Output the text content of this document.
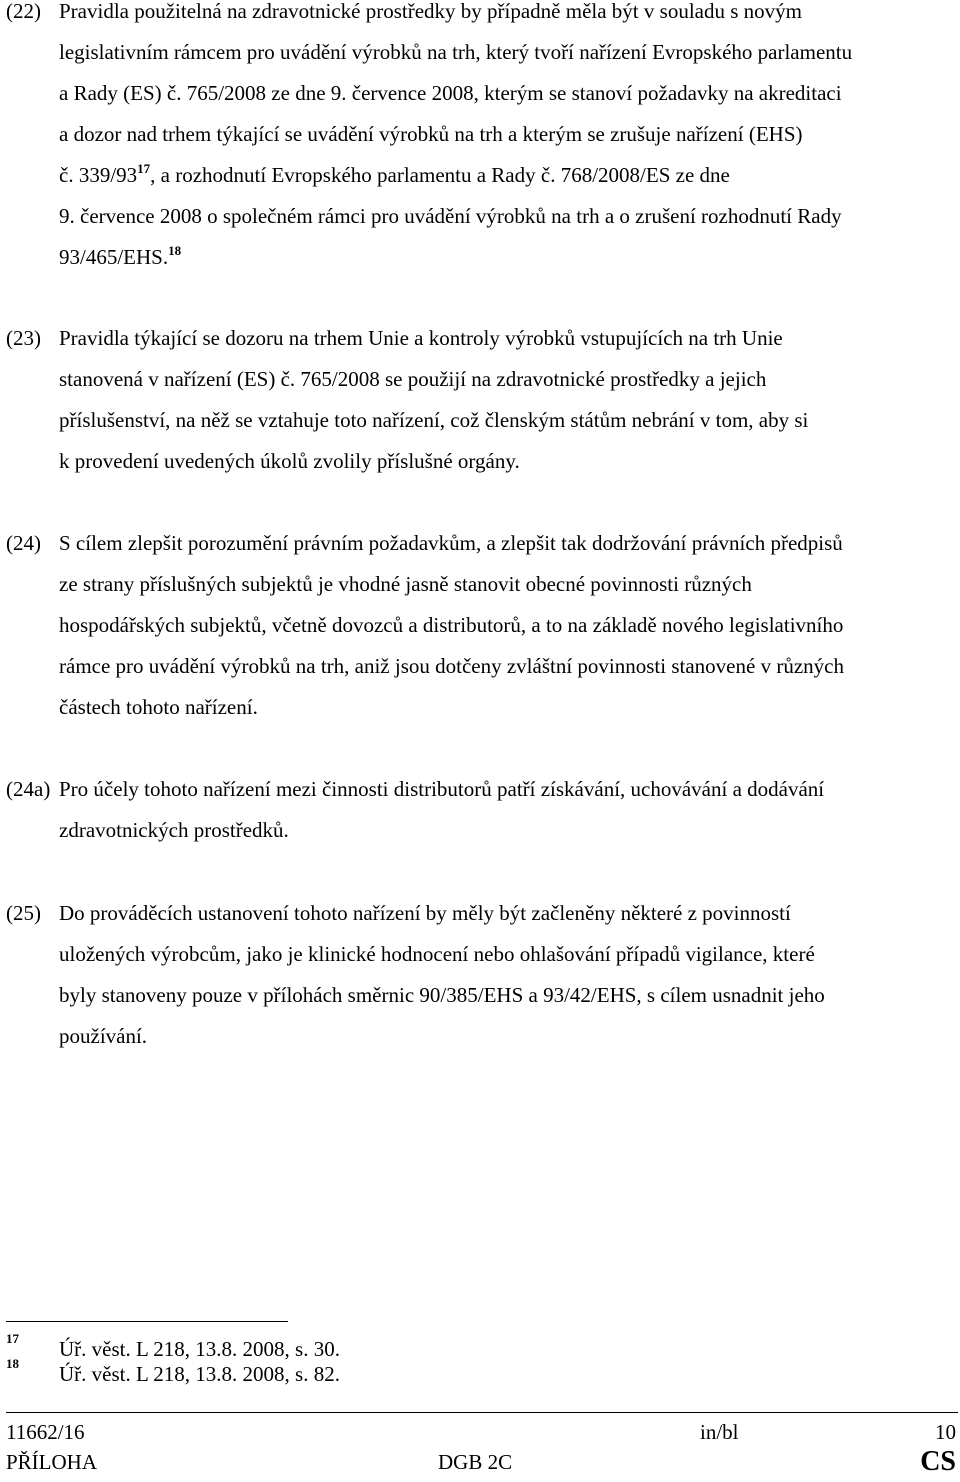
(22) Pravidla použitelná na zdravotnické prostředky by případně měla být v souladu s novým
legislativním rámcem pro uvádění výrobků na trh, který tvoří nařízení Evropského parlamentu
a Rady (ES) č. 765/2008 ze dne 9. července 2008, kterým se stanoví požadavky na akreditaci
a dozor nad trhem týkající se uvádění výrobků na trh a kterým se zrušuje nařízení (EHS)
č. $339/93^{17}$, a rozhodnutí Evropského parlamentu a Rady č. 768/2008/ES ze dne
9. července 2008 o společném rámci pro uvádění výrobků na trh a o zrušení rozhodnutí Rady
93/465/EHS.$^{18}$
(23) Pravidla týkající se dozoru na trhem Unie a kontroly výrobků vstupujících na trh Unie
stanovená v nařízení (ES) č. 765/2008 se použijí na zdravotnické prostředky a jejich
příslušenství, na něž se vztahuje toto nařízení, což členským státům nebrání v tom, aby si
k provedení uvedených úkolů zvolily příslušné orgány.
(24) S cílem zlepšit porozumění právním požadavkům, a zlepšit tak dodržování právních předpisů
ze strany příslušných subjektů je vhodné jasně stanovit obecné povinnosti různých
hospodářských subjektů, včetně dovozců a distributorů, a to na základě nového legislativního
rámce pro uvádění výrobků na trh, aniž jsou dotčeny zvláštní povinnosti stanovené v různých
částech tohoto nařízení.
(24a) Pro účely tohoto nařízení mezi činnosti distributorů patří získávání, uchovávání a dodávání
zdravotnických prostředků.
(25) Do prováděcích ustanovení tohoto nařízení by měly být začleněny některé z povinností
uložených výrobcům, jako je klinické hodnocení nebo ohlašování případů vigilance, které
byly stanoveny pouze v přílohách směrnic 90/385/EHS a 93/42/EHS, s cílem usnadnit jeho
používání.
17 Úř. věst. L 218, 13.8. 2008, s. 30.
18 Úř. věst. L 218, 13.8. 2008, s. 82.
11662/16	in/bl	10
PŘÍLOHA	DGB 2C	CS
